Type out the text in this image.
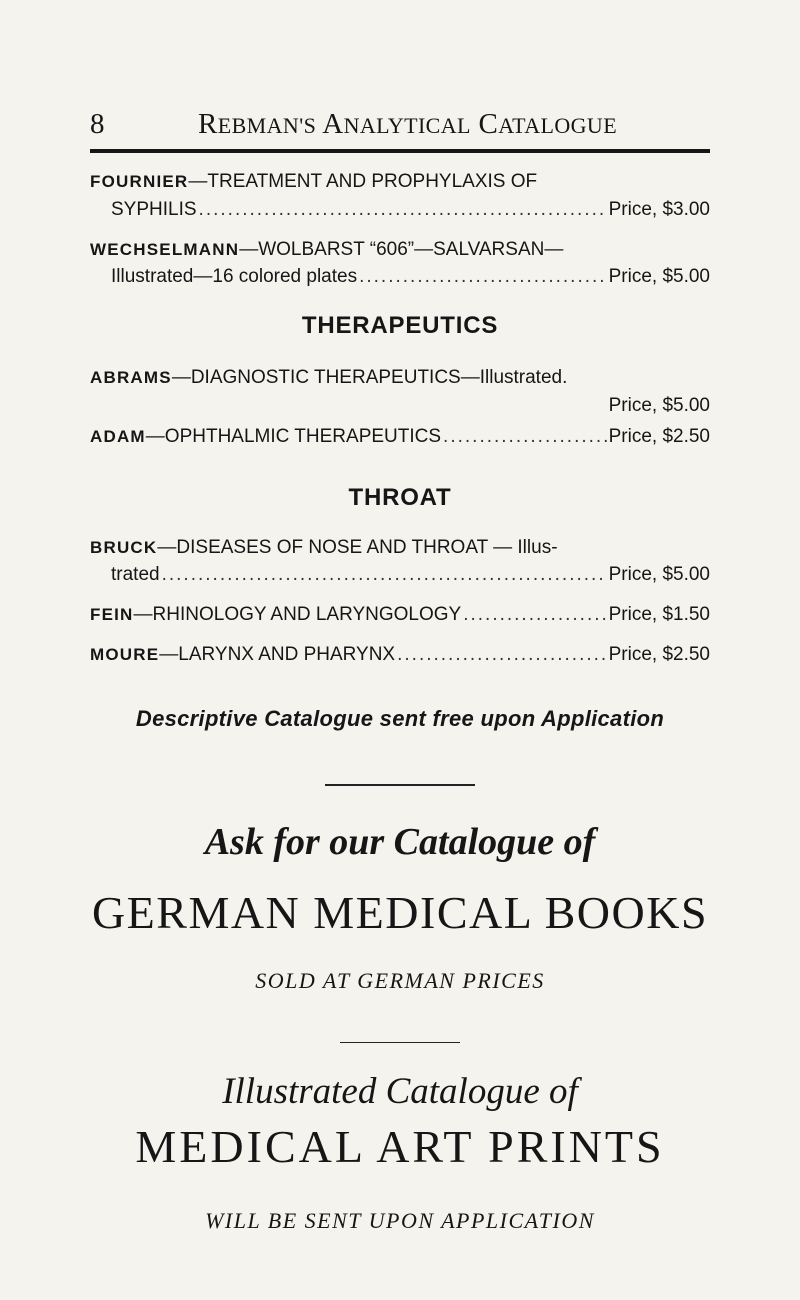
8	REBMAN'S ANALYTICAL CATALOGUE
FOURNIER—TREATMENT AND PROPHYLAXIS OF
SYPHILIS .....	Price, $3.00
WECHSELMANN—WOLBARST “606”—SALVARSAN—
Illustrated—16 colored plates .....	Price, $5.00
THERAPEUTICS
ABRAMS—DIAGNOSTIC THERAPEUTICS—Illustrated.
Price, $5.00
ADAM —OPHTHALMIC THERAPEUTICS .....	Price, $2.50
THROAT
BRUCK—DISEASES OF NOSE AND THROAT — Illus-
trated .....	Price, $5.00
FEIN —RHINOLOGY AND LARYNGOLOGY .....	Price, $1.50
MOURE —LARYNX AND PHARYNX .....	Price, $2.50
Descriptive Catalogue sent free upon Application
Ask for our Catalogue of
GERMAN MEDICAL BOOKS
SOLD AT GERMAN PRICES
Illustrated Catalogue of
MEDICAL ART PRINTS
WILL BE SENT UPON APPLICATION
